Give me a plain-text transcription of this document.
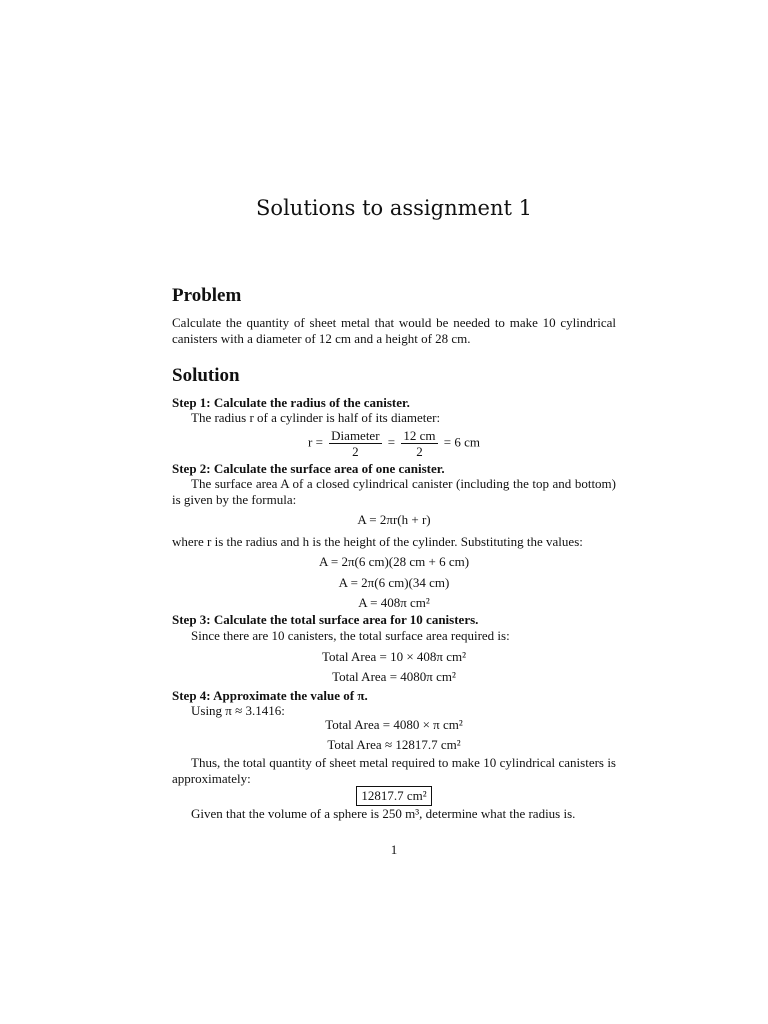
Solutions to assignment 1
Problem
Calculate the quantity of sheet metal that would be needed to make 10 cylindrical canisters with a diameter of 12 cm and a height of 28 cm.
Solution
Step 1: Calculate the radius of the canister.
The radius r of a cylinder is half of its diameter:
$r = \frac{\text{Diameter}}{2} = \frac{12 cm}{2} = 6$ cm
Step 2: Calculate the surface area of one canister.
The surface area A of a closed cylindrical canister (including the top and bottom) is given by the formula:
A = 2πr(h + r)
where r is the radius and h is the height of the cylinder. Substituting the values:
A = 2π(6 cm)(28 cm + 6 cm)
A = 2π(6 cm)(34 cm)
A = 408π cm²
Step 3: Calculate the total surface area for 10 canisters.
Since there are 10 canisters, the total surface area required is:
Total Area = 10 × 408π cm²
Total Area = 4080π cm²
Step 4: Approximate the value of π.
Using π ≈ 3.1416:
Total Area = 4080 × π cm²
Total Area ≈ 12817.7 cm²
Thus, the total quantity of sheet metal required to make 10 cylindrical canisters is approximately:
12817.7 cm²
Given that the volume of a sphere is 250 m³, determine what the radius is.
1
